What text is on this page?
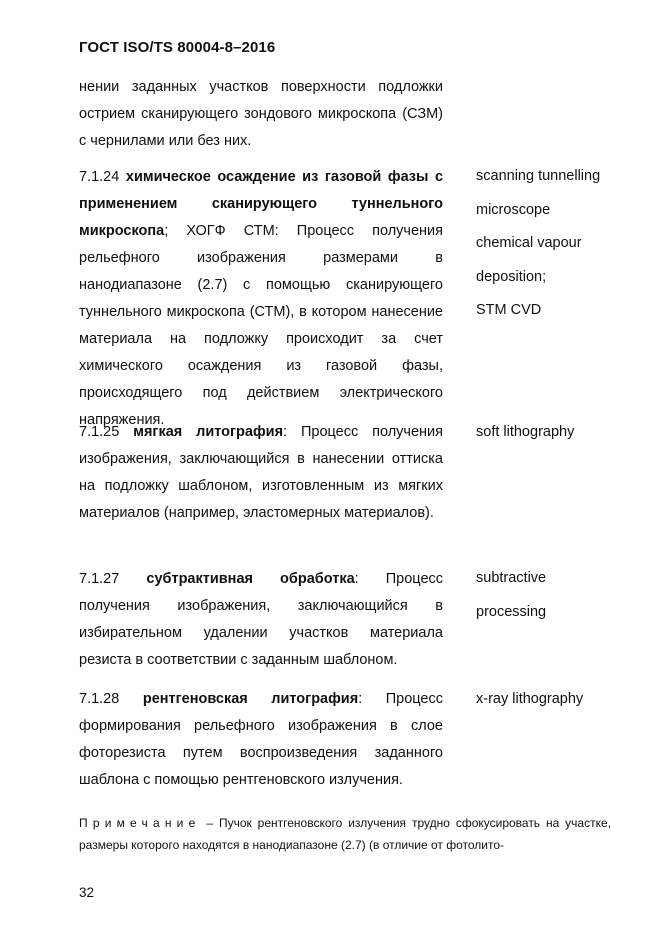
ГОСТ ISO/TS 80004-8–2016
нении заданных участков поверхности подложки острием сканирующего зондового микроскопа (СЗМ) с чернилами или без них.
7.1.24 химическое осаждение из газовой фазы с применением сканирующего туннельного микроскопа; ХОГФ СТМ: Процесс получения рельефного изображения размерами в нанодиапазоне (2.7) с помощью сканирующего туннельного микроскопа (СТМ), в котором нанесение материала на подложку происходит за счет химического осаждения из газовой фазы, происходящего под действием электрического напряжения.
scanning tunnelling
microscope
chemical vapour
deposition;
STM CVD
7.1.25 мягкая литография: Процесс получения изображения, заключающийся в нанесении оттиска на подложку шаблоном, изготовленным из мягких материалов (например, эластомерных материалов).
soft lithography
7.1.27 субтрактивная обработка: Процесс получения изображения, заключающийся в избирательном удалении участков материала резиста в соответствии с заданным шаблоном.
subtractive
processing
7.1.28 рентгеновская литография: Процесс формирования рельефного изображения в слое фоторезиста путем воспроизведения заданного шаблона с помощью рентгеновского излучения.
x-ray lithography
Примечание – Пучок рентгеновского излучения трудно сфокусировать на участке, размеры которого находятся в нанодиапазоне (2.7) (в отличие от фотолито-
32
